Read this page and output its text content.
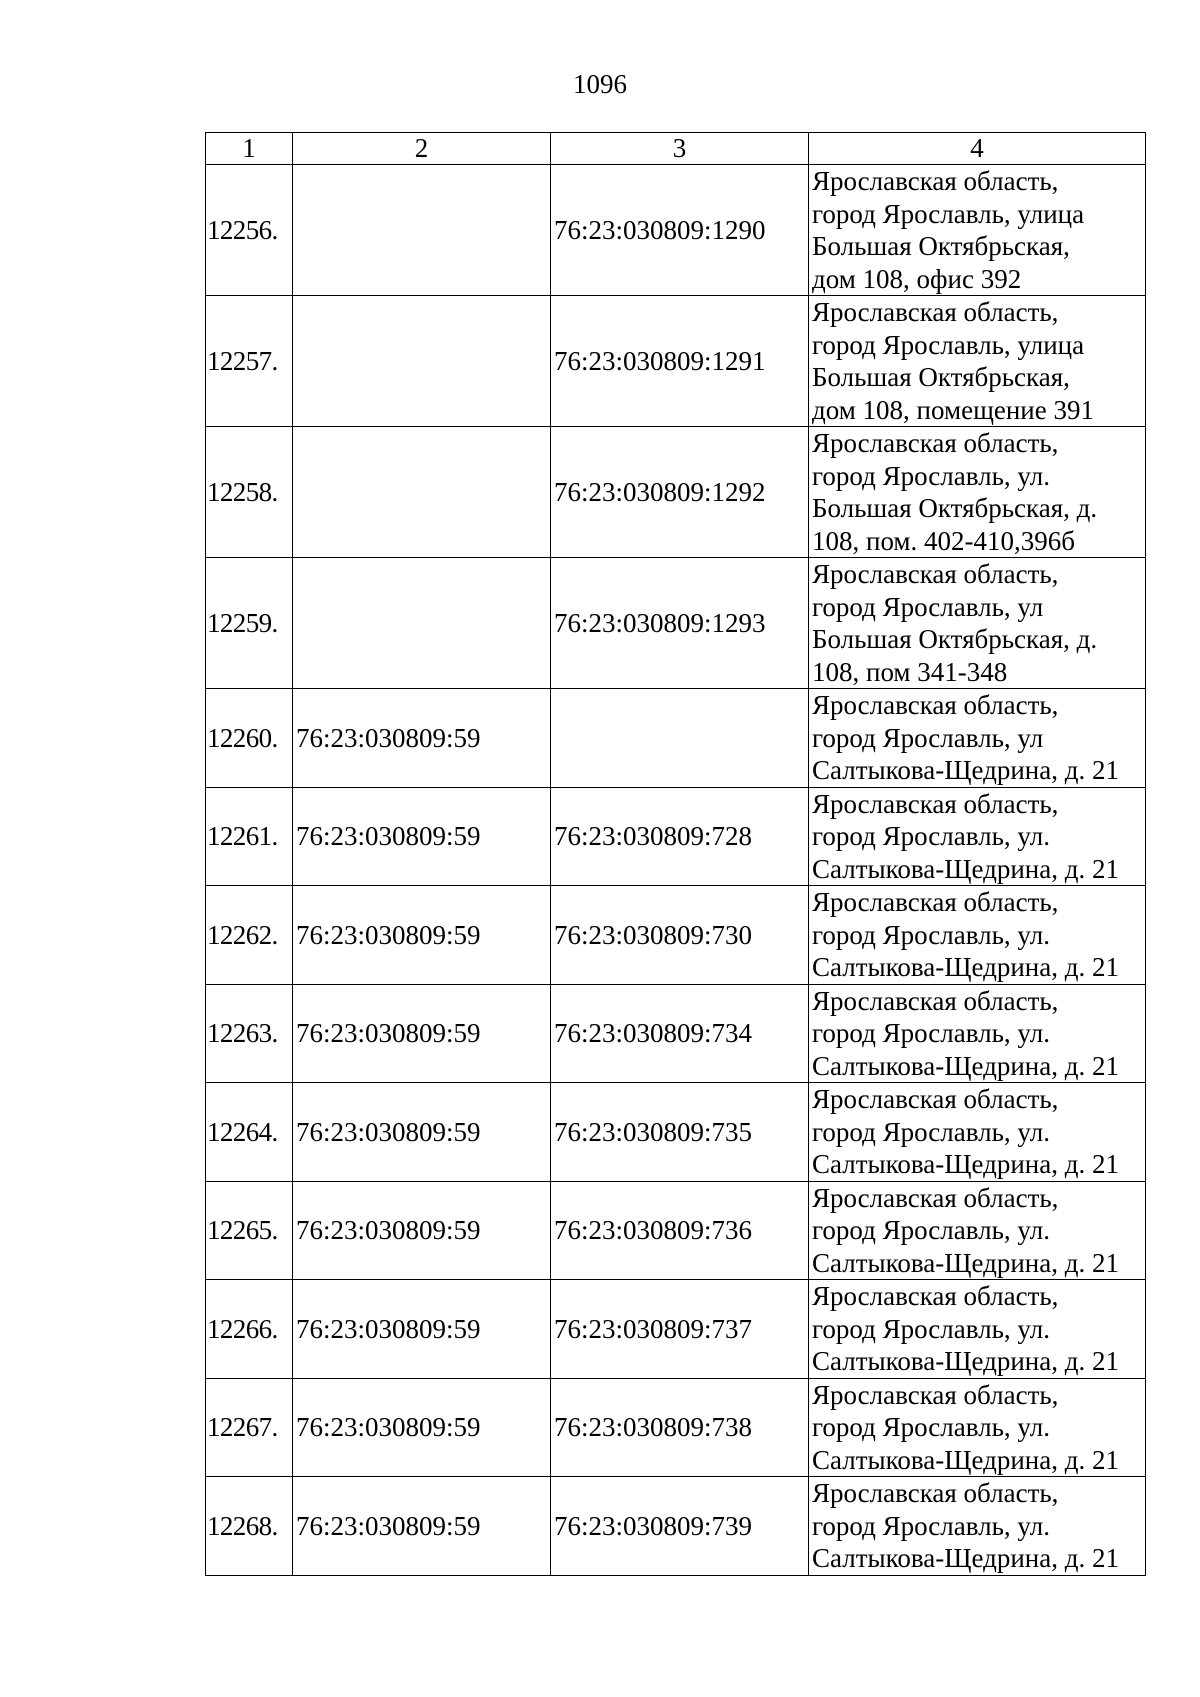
1096
1	2	3	4
12256.		76:23:030809:1290	Ярославская область,
город Ярославль, улица
Большая Октябрьская,
дом 108, офис 392

12257.		76:23:030809:1291	Ярославская область,
город Ярославль, улица
Большая Октябрьская,
дом 108, помещение 391

12258.		76:23:030809:1292	Ярославская область,
город Ярославль, ул.
Большая Октябрьская, д.
108, пом. 402-410,396б

12259.		76:23:030809:1293	Ярославская область,
город Ярославль, ул
Большая Октябрьская, д.
108, пом 341-348

12260.	76:23:030809:59		Ярославская область,
город Ярославль, ул
Салтыкова-Щедрина, д. 21

12261.	76:23:030809:59	76:23:030809:728	Ярославская область,
город Ярославль, ул.
Салтыкова-Щедрина, д. 21

12262.	76:23:030809:59	76:23:030809:730	Ярославская область,
город Ярославль, ул.
Салтыкова-Щедрина, д. 21

12263.	76:23:030809:59	76:23:030809:734	Ярославская область,
город Ярославль, ул.
Салтыкова-Щедрина, д. 21

12264.	76:23:030809:59	76:23:030809:735	Ярославская область,
город Ярославль, ул.
Салтыкова-Щедрина, д. 21

12265.	76:23:030809:59	76:23:030809:736	Ярославская область,
город Ярославль, ул.
Салтыкова-Щедрина, д. 21

12266.	76:23:030809:59	76:23:030809:737	Ярославская область,
город Ярославль, ул.
Салтыкова-Щедрина, д. 21

12267.	76:23:030809:59	76:23:030809:738	Ярославская область,
город Ярославль, ул.
Салтыкова-Щедрина, д. 21

12268.	76:23:030809:59	76:23:030809:739	Ярославская область,
город Ярославль, ул.
Салтыкова-Щедрина, д. 21
